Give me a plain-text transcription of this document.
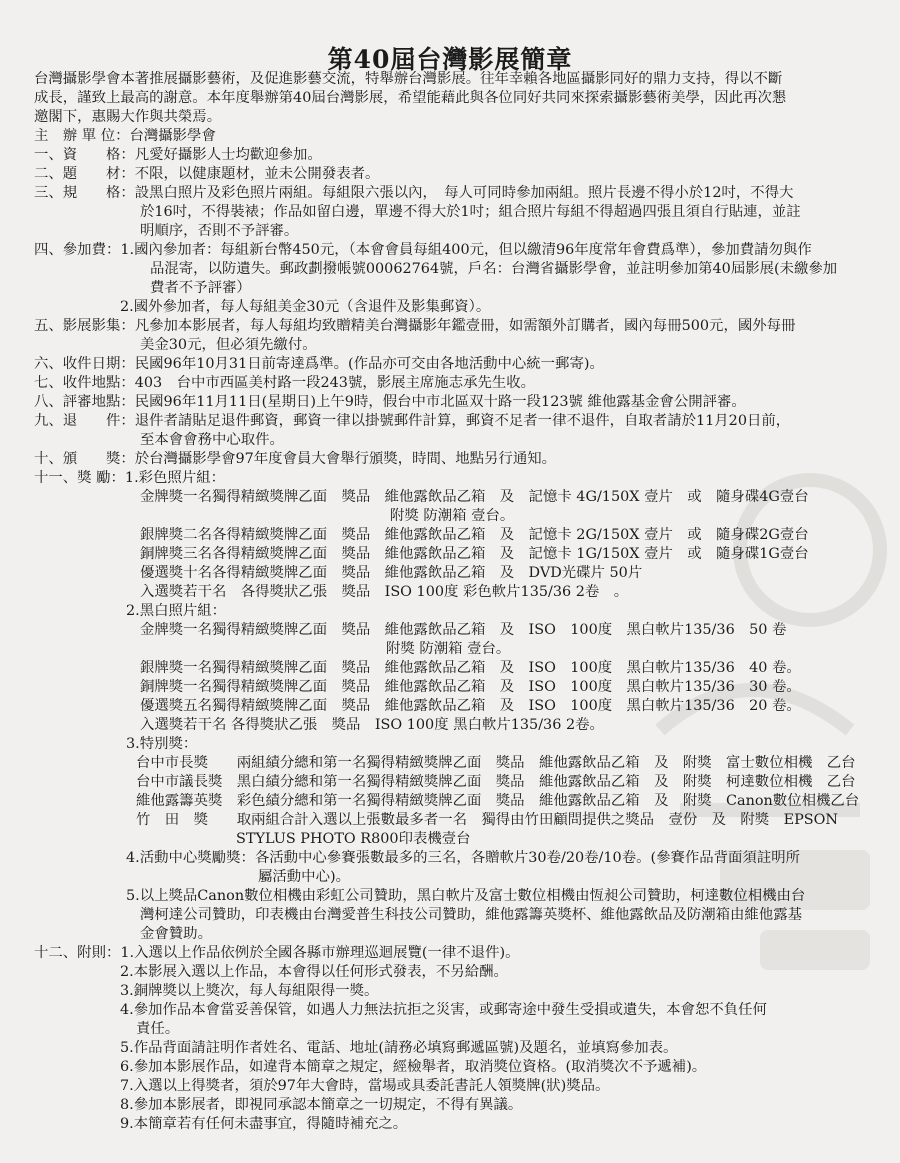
第40屆台灣影展簡章
台灣攝影學會本著推展攝影藝術，及促進影藝交流，特舉辦台灣影展。往年幸賴各地區攝影同好的鼎力支持，得以不斷
成長，謹致上最高的謝意。本年度舉辦第40屆台灣影展，希望能藉此與各位同好共同來探索攝影藝術美學，因此再次懇
邀閣下，惠賜大作與共榮焉。
主　辦 單 位：台灣攝影學會
一、資　　格：凡愛好攝影人士均歡迎參加。
二、題　　材：不限，以健康題材，並未公開發表者。
三、規　　格：設黑白照片及彩色照片兩組。每組限六張以內，　每人可同時參加兩組。照片長邊不得小於12吋，不得大
於16吋，不得裝裱；作品如留白邊，單邊不得大於1吋；組合照片每組不得超過四張且須自行貼連，並註
明順序，否則不予評審。
四、參加費：1.國內參加者：每組新台幣450元，（本會會員每組400元，但以繳清96年度常年會費爲準），參加費請勿與作
品混寄，以防遺失。郵政劃撥帳號00062764號，戶名：台灣省攝影學會，並註明參加第40屆影展(未繳參加
費者不予評審）
2.國外參加者，每人每組美金30元（含退件及影集郵資）。
五、影展影集：凡參加本影展者，每人每組均致贈精美台灣攝影年鑑壹冊，如需額外訂購者，國內每冊500元，國外每冊
美金30元，但必須先繳付。
六、收件日期：民國96年10月31日前寄達爲準。(作品亦可交由各地活動中心統一郵寄)。
七、收件地點：403　台中市西區美村路一段243號，影展主席施志承先生收。
八、評審地點：民國96年11月11日(星期日)上午9時，假台中市北區双十路一段123號 維他露基金會公開評審。
九、退　　件：退件者請貼足退件郵資，郵資一律以掛號郵件計算，郵資不足者一律不退件，自取者請於11月20日前，
至本會會務中心取件。
十、頒　　獎：於台灣攝影學會97年度會員大會舉行頒獎，時間、地點另行通知。
十一、獎 勵：1.彩色照片組：
金牌獎一名獨得精緻獎牌乙面　獎品　維他露飲品乙箱　及　記憶卡 4G/150X 壹片　或　隨身碟4G壹台
附獎 防潮箱 壹台。
銀牌獎二名各得精緻獎牌乙面　獎品　維他露飲品乙箱　及　記憶卡 2G/150X 壹片　或　隨身碟2G壹台
銅牌獎三名各得精緻獎牌乙面　獎品　維他露飲品乙箱　及　記憶卡 1G/150X 壹片　或　隨身碟1G壹台
優選獎十名各得精緻獎牌乙面　獎品　維他露飲品乙箱　及　DVD光碟片 50片
入選獎若干名　各得獎狀乙張　獎品　ISO 100度 彩色軟片135/36 2卷　。
2.黑白照片組：
金牌獎一名獨得精緻獎牌乙面　獎品　維他露飲品乙箱　及　ISO　100度　黑白軟片135/36　50 卷
附獎 防潮箱 壹台。
銀牌獎一名獨得精緻獎牌乙面　獎品　維他露飲品乙箱　及　ISO　100度　黑白軟片135/36　40 卷。
銅牌獎一名獨得精緻獎牌乙面　獎品　維他露飲品乙箱　及　ISO　100度　黑白軟片135/36　30 卷。
優選獎五名獨得精緻獎牌乙面　獎品　維他露飲品乙箱　及　ISO　100度　黑白軟片135/36　20 卷。
入選獎若干名 各得獎狀乙張　獎品　ISO 100度 黑白軟片135/36 2卷。
3.特別獎：
台中市長獎　　兩組績分總和第一名獨得精緻獎牌乙面　獎品　維他露飲品乙箱　及　附獎　富士數位相機　乙台
台中市議長獎　黑白績分總和第一名獨得精緻獎牌乙面　獎品　維他露飲品乙箱　及　附獎　柯達數位相機　乙台
維他露籌英獎　彩色績分總和第一名獨得精緻獎牌乙面　獎品　維他露飲品乙箱　及　附獎　Canon數位相機乙台
竹　田　獎　　取兩組合計入選以上張數最多者一名　獨得由竹田顧問提供之獎品　壹份　及　附獎　EPSON
STYLUS PHOTO R800印表機壹台
4.活動中心獎勵獎：各活動中心參賽張數最多的三名，各贈軟片30卷/20卷/10卷。(參賽作品背面須註明所
屬活動中心)。
5.以上獎品Canon數位相機由彩虹公司贊助，黑白軟片及富士數位相機由恆昶公司贊助，柯達數位相機由台
灣柯達公司贊助，印表機由台灣愛普生科技公司贊助，維他露籌英獎杯、維他露飲品及防潮箱由維他露基
金會贊助。
十二、附則：1.入選以上作品依例於全國各縣市辦理巡迴展覽(一律不退件)。
2.本影展入選以上作品，本會得以任何形式發表，不另給酬。
3.銅牌獎以上獎次，每人每組限得一獎。
4.參加作品本會當妥善保管，如遇人力無法抗拒之災害，或郵寄途中發生受損或遺失，本會恕不負任何
責任。
5.作品背面請註明作者姓名、電話、地址(請務必填寫郵遞區號)及題名，並填寫參加表。
6.參加本影展作品，如違背本簡章之規定，經檢舉者，取消獎位資格。(取消獎次不予遞補)。
7.入選以上得獎者，須於97年大會時，當場或具委託書託人領獎牌(狀)獎品。
8.參加本影展者，即視同承認本簡章之一切規定，不得有異議。
9.本簡章若有任何未盡事宜，得隨時補充之。
